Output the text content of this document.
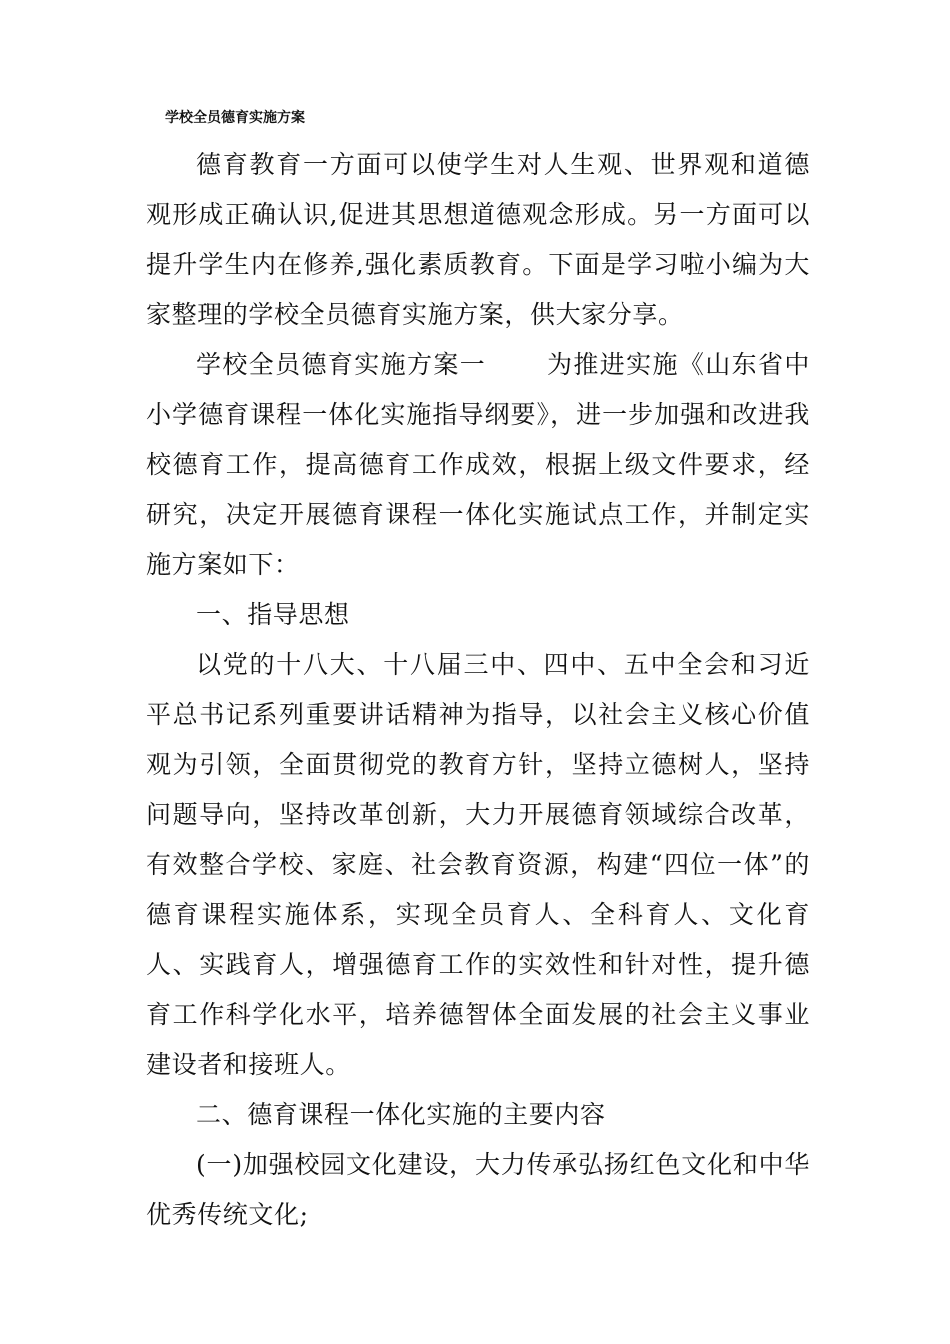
学校全员德育实施方案

德育教育一方面可以使学生对人生观、世界观和道德观形成正确认识,促进其思想道德观念形成。另一方面可以提升学生内在修养,强化素质教育。下面是学习啦小编为大家整理的学校全员德育实施方案，供大家分享。

学校全员德育实施方案一 为推进实施《山东省中小学德育课程一体化实施指导纲要》，进一步加强和改进我校德育工作，提高德育工作成效，根据上级文件要求，经研究，决定开展德育课程一体化实施试点工作，并制定实施方案如下：

一、指导思想

以党的十八大、十八届三中、四中、五中全会和习近平总书记系列重要讲话精神为指导，以社会主义核心价值观为引领，全面贯彻党的教育方针，坚持立德树人，坚持问题导向，坚持改革创新，大力开展德育领域综合改革，有效整合学校、家庭、社会教育资源，构建“四位一体”的德育课程实施体系，实现全员育人、全科育人、文化育人、实践育人，增强德育工作的实效性和针对性，提升德育工作科学化水平，培养德智体全面发展的社会主义事业建设者和接班人。

二、德育课程一体化实施的主要内容

(一)加强校园文化建设，大力传承弘扬红色文化和中华优秀传统文化;
